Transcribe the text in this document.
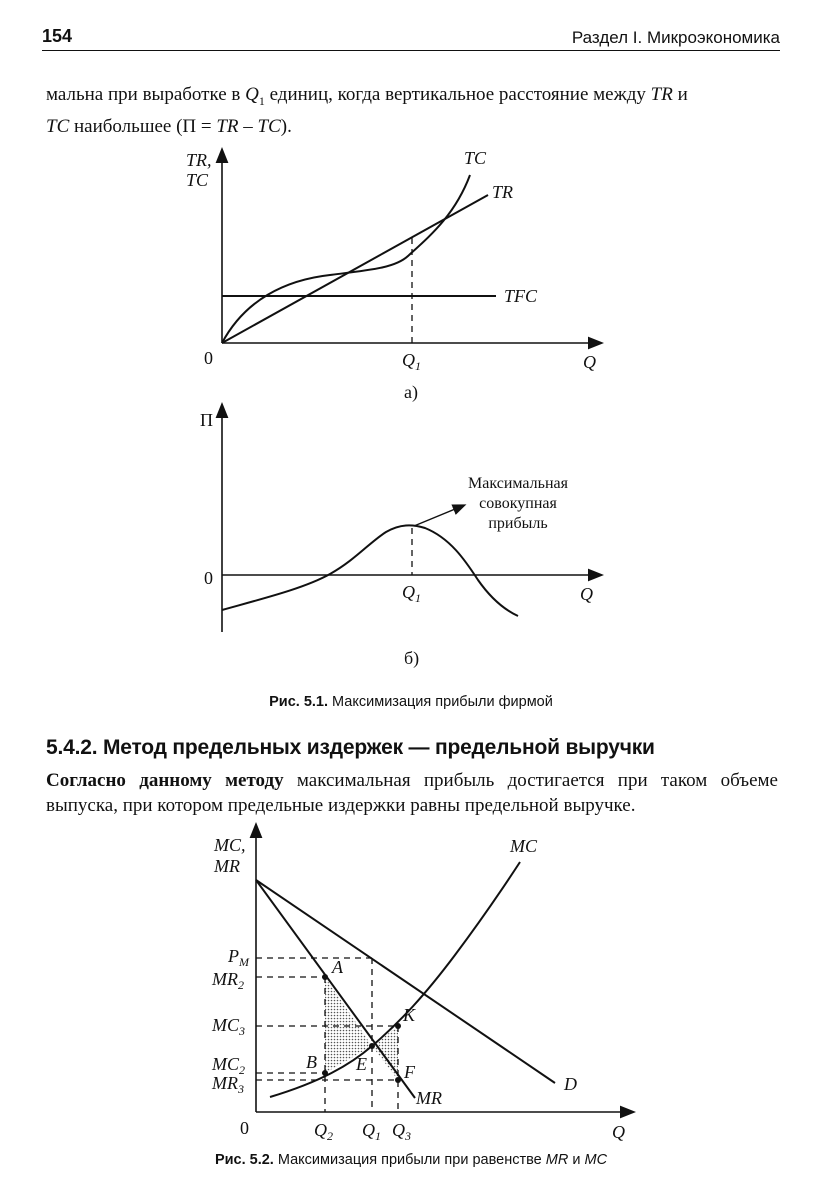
154	Раздел I. Микроэкономика
мальна при выработке в $Q_1$ единиц, когда вертикальное расстояние между TR и
TC наибольшее (П = TR – TC).
TR,
TC
TC
TR
TFC
0	$Q_1$	Q
а)
П
0
$Q_1$	Q
Максимальная
совокупная
прибыль
б)
MC,
MR
$P_M$
$MR_2$
$MC_3$
$MC_2$
$MR_3$
0	$Q_2$ $Q_1$ $Q_3$	Q
A
B E
K
F
MC
MR
D
Рис. 5.1. Максимизация прибыли фирмой
5.4.2. Метод предельных издержек — предельной выручки
Согласно данному методу максимальная прибыль достигается при таком объеме выпуска, при котором предельные издержки равны предельной выручке.
Рис. 5.2. Максимизация прибыли при равенстве MR и MC
